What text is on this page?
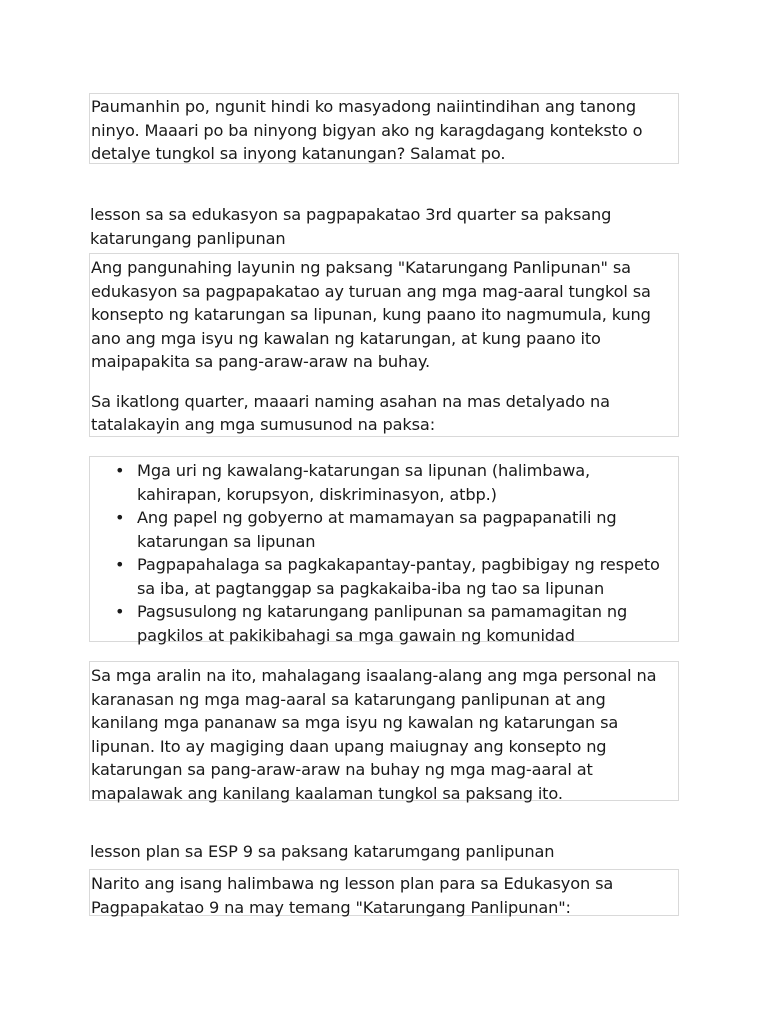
Paumanhin po, ngunit hindi ko masyadong naiintindihan ang tanong ninyo. Maaari po ba ninyong bigyan ako ng karagdagang konteksto o detalye tungkol sa inyong katanungan? Salamat po.

lesson sa sa edukasyon sa pagpapakatao 3rd quarter sa paksang katarungang panlipunan

Ang pangunahing layunin ng paksang "Katarungang Panlipunan" sa edukasyon sa pagpapakatao ay turuan ang mga mag-aaral tungkol sa konsepto ng katarungan sa lipunan, kung paano ito nagmumula, kung ano ang mga isyu ng kawalan ng katarungan, at kung paano ito maipapakita sa pang-araw-araw na buhay.

Sa ikatlong quarter, maaari naming asahan na mas detalyado na tatalakayin ang mga sumusunod na paksa:

• Mga uri ng kawalang-katarungan sa lipunan (halimbawa, kahirapan, korupsyon, diskriminasyon, atbp.)
• Ang papel ng gobyerno at mamamayan sa pagpapanatili ng katarungan sa lipunan
• Pagpapahalaga sa pagkakapantay-pantay, pagbibigay ng respeto sa iba, at pagtanggap sa pagkakaiba-iba ng tao sa lipunan
• Pagsusulong ng katarungang panlipunan sa pamamagitan ng pagkilos at pakikibahagi sa mga gawain ng komunidad

Sa mga aralin na ito, mahalagang isaalang-alang ang mga personal na karanasan ng mga mag-aaral sa katarungang panlipunan at ang kanilang mga pananaw sa mga isyu ng kawalan ng katarungan sa lipunan. Ito ay magiging daan upang maiugnay ang konsepto ng katarungan sa pang-araw-araw na buhay ng mga mag-aaral at mapalawak ang kanilang kaalaman tungkol sa paksang ito.

lesson plan sa ESP 9 sa paksang katarumgang panlipunan

Narito ang isang halimbawa ng lesson plan para sa Edukasyon sa Pagpapakatao 9 na may temang "Katarungang Panlipunan":
